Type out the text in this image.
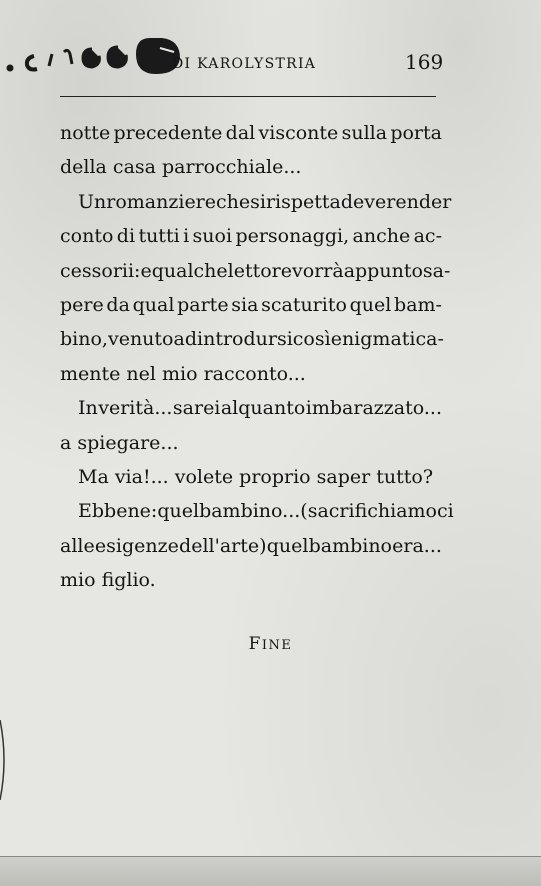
DI KAROLYSTRIA	169
notte precedente dal visconte sulla porta
della casa parrocchiale...
Un romanziere che si rispetta deve render
conto di tutti i suoi personaggi, anche ac-
cessorii: e qualche lettore vorrà appunto sa-
pere da qual parte sia scaturito quel bam-
bino, venuto ad introdursi così enigmatica-
mente nel mio racconto...
In verità... sarei alquanto imbarazzato...
a spiegare...
Ma via!... volete proprio saper tutto?
Ebbene: quel bambino... (sacrifichiamoci
alle esigenze dell'arte) quel bambino era...
mio figlio.
FINE
